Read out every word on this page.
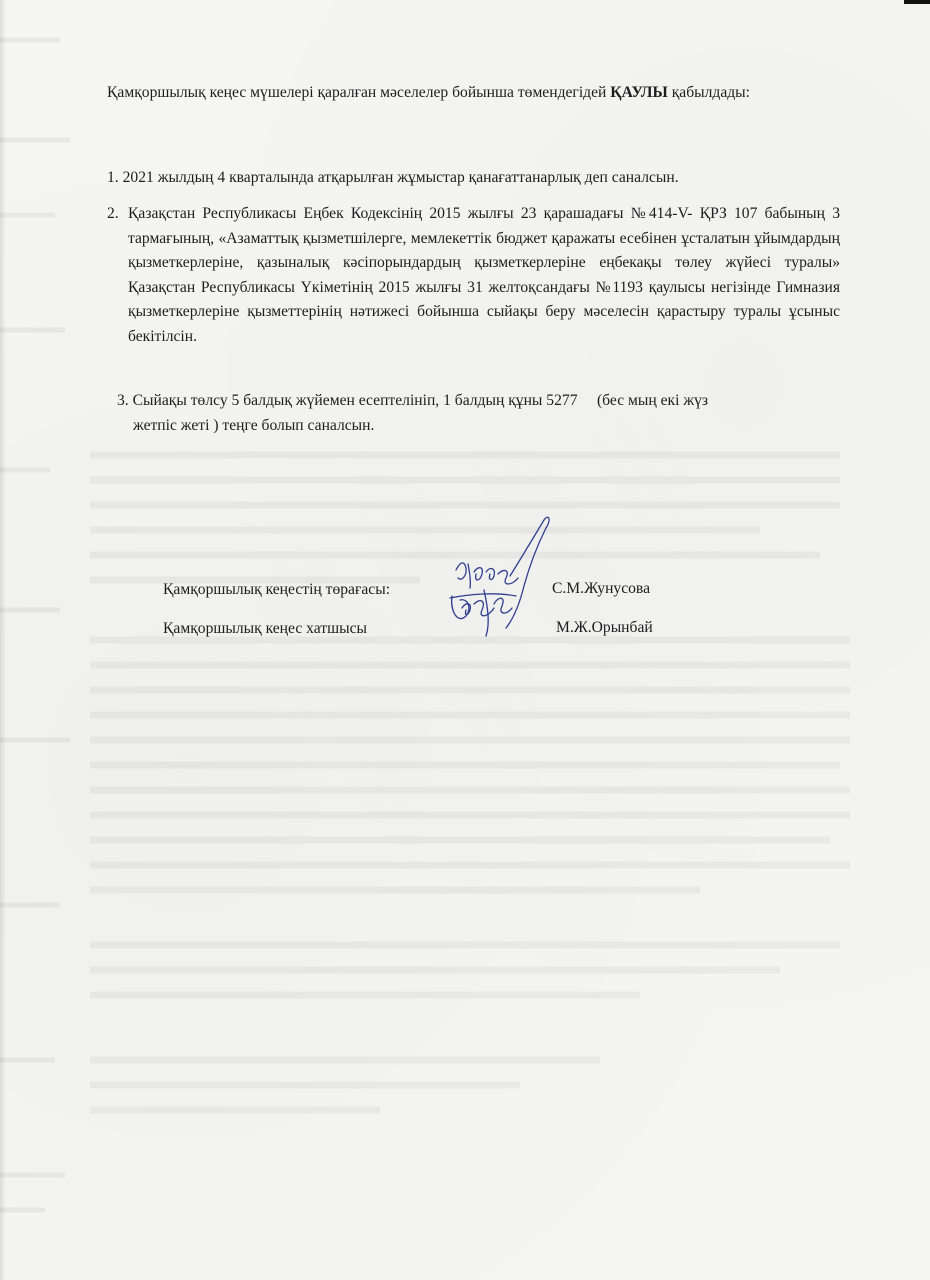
Қамқоршылық кеңес мүшелері қаралған мәселелер бойынша төмендегідей ҚАУЛЫ қабылдады:
1. 2021 жылдың 4 кварталында атқарылған жұмыстар қанағаттанарлық деп саналсын.
2. Қазақстан Республикасы Еңбек Кодексінің 2015 жылғы 23 қарашадағы №414-V- ҚРЗ 107 бабының 3 тармағының, «Азаматтық қызметшілерге, мемлекеттік бюджет қаражаты есебінен ұсталатын ұйымдардың қызметкерлеріне, қазыналық кәсіпорындардың қызметкерлеріне еңбекақы төлеу жүйесі туралы» Қазақстан Республикасы Үкіметінің 2015 жылғы 31 желтоқсандағы №1193 қаулысы негізінде Гимназия қызметкерлеріне қызметтерінің нәтижесі бойынша сыйақы беру мәселесін қарастыру туралы ұсыныс бекітілсін.
3. Сыйақы төлсу 5 балдық жүйемен есептелініп, 1 балдың құны 5277     (бес мың екі жүз
жетпіс жеті ) теңге болып саналсын.
Қамқоршылық кеңестің төрағасы:	С.М.Жунусова
Қамқоршылық кеңес хатшысы	М.Ж.Орынбай
